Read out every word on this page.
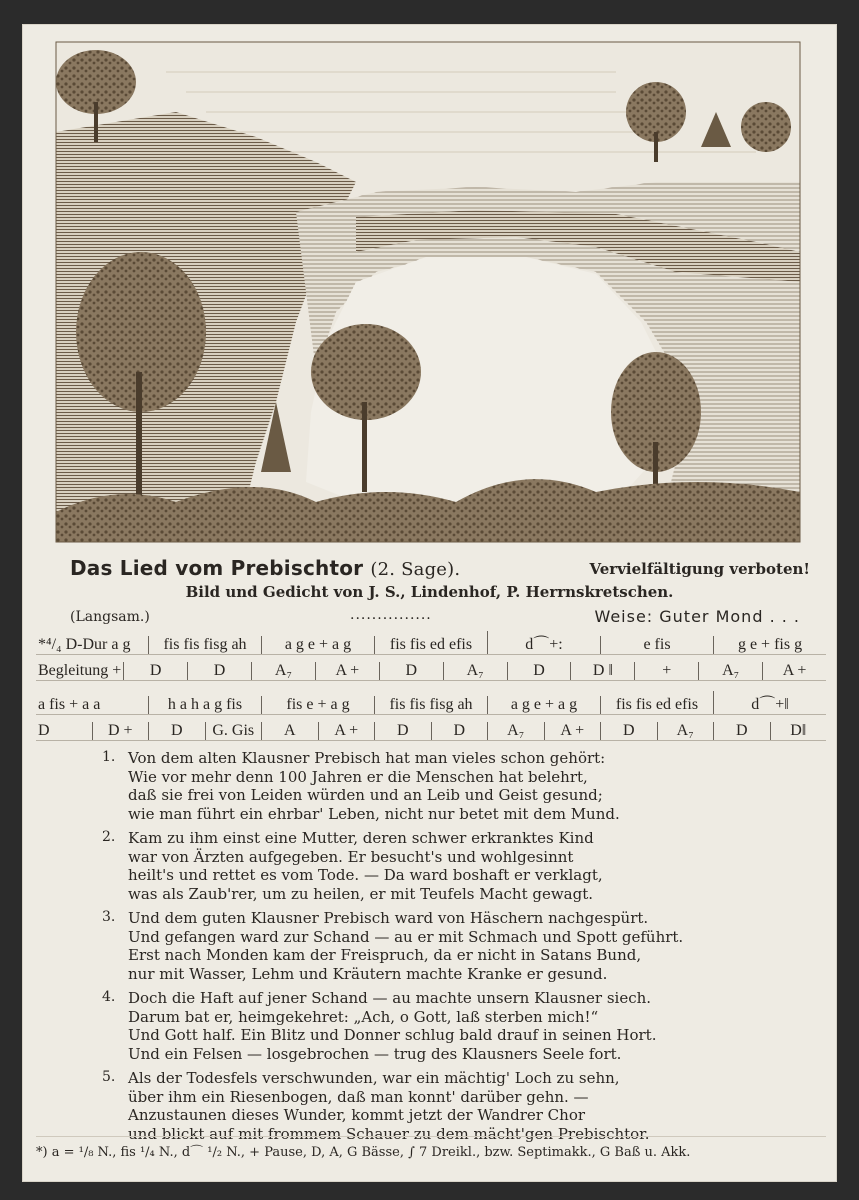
Das Lied vom Prebischtor (2. Sage).	Vervielfältigung verboten!
Bild und Gedicht von J. S., Lindenhof, P. Herrnskretschen.
(Langsam.)	...............	Weise: Guter Mond . . .
*⁴/₄ D-Dur a g	fis fis fisg ah	a g e + a g	fis fis ed efis	d⌒+:	e fis	g e + fis g
Begleitung +	D	D	A₇	A +	D	A₇	D	D ‖	+	A₇	A +
a fis + a a	h a h a g fis	fis e + a g	fis fis fisg ah	a g e + a g	fis fis ed efis	d⌒+‖
D	D +	D	G. Gis	A	A +	D	D	A₇	A +	D	A₇	D	D‖
1. Von dem alten Klausner Prebisch hat man vieles schon gehört:
Wie vor mehr denn 100 Jahren er die Menschen hat belehrt,
daß sie frei von Leiden würden und an Leib und Geist gesund;
wie man führt ein ehrbar' Leben, nicht nur betet mit dem Mund.
2. Kam zu ihm einst eine Mutter, deren schwer erkranktes Kind
war von Ärzten aufgegeben. Er besucht's und wohlgesinnt
heilt's und rettet es vom Tode. — Da ward boshaft er verklagt,
was als Zaub'rer, um zu heilen, er mit Teufels Macht gewagt.
3. Und dem guten Klausner Prebisch ward von Häschern nachgespürt.
Und gefangen ward zur Schand — au er mit Schmach und Spott geführt.
Erst nach Monden kam der Freispruch, da er nicht in Satans Bund,
nur mit Wasser, Lehm und Kräutern machte Kranke er gesund.
4. Doch die Haft auf jener Schand — au machte unsern Klausner siech.
Darum bat er, heimgekehret: „Ach, o Gott, laß sterben mich!“
Und Gott half. Ein Blitz und Donner schlug bald drauf in seinen Hort.
Und ein Felsen — losgebrochen — trug des Klausners Seele fort.
5. Als der Todesfels verschwunden, war ein mächtig' Loch zu sehn,
über ihm ein Riesenbogen, daß man konnt' darüber gehn. —
Anzustaunen dieses Wunder, kommt jetzt der Wandrer Chor
und blickt auf mit frommem Schauer zu dem mächt'gen Prebischtor.
*) a = ¹/₈ N., fis ¹/₄ N., d⌒ ¹/₂ N., + Pause, D, A, G Bässe, ∫ 7 Dreikl., bzw. Septimakk., G Baß u. Akk.
